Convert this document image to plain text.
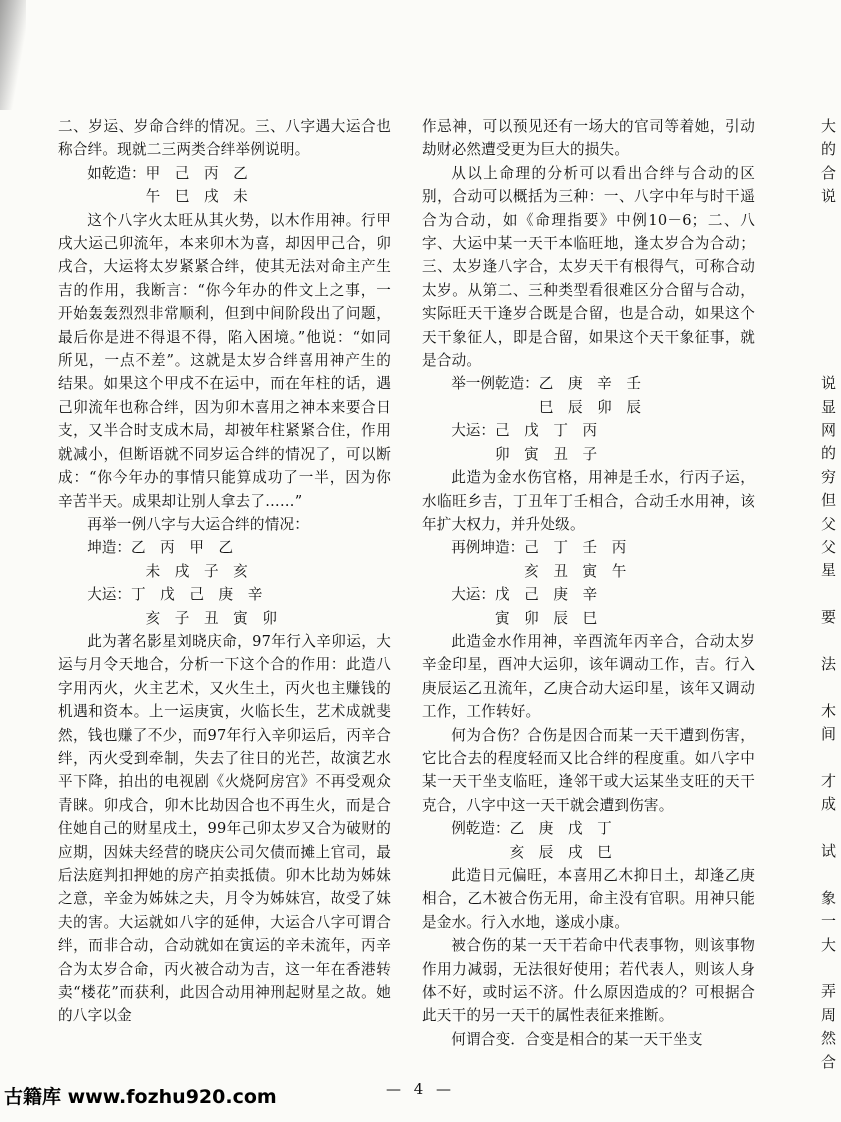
二、岁运、岁命合绊的情况。三、八字遇大运合也称合绊。现就二三两类合绊举例说明。

　　如乾造：甲　己　丙　乙
　　　　　　午　巳　戌　未

这个八字火太旺从其火势，以木作用神。行甲戌大运己卯流年，本来卯木为喜，却因甲己合，卯戌合，大运将太岁紧紧合绊，使其无法对命主产生吉的作用，我断言：“你今年办的件文上之事，一开始轰轰烈烈非常顺利，但到中间阶段出了问题，最后你是进不得退不得，陷入困境。”他说：“如同所见，一点不差”。这就是太岁合绊喜用神产生的结果。如果这个甲戌不在运中，而在年柱的话，遇己卯流年也称合绊，因为卯木喜用之神本来要合日支，又半合时支成木局，却被年柱紧紧合住，作用就减小，但断语就不同岁运合绊的情况了，可以断成：“你今年办的事情只能算成功了一半，因为你辛苦半天。成果却让别人拿去了……”

再举一例八字与大运合绊的情况：

　　坤造：乙　丙　甲　乙
　　　　　　未　戌　子　亥
　　大运：丁　戊　己　庚　辛
　　　　　　亥　子　丑　寅　卯

此为著名影星刘晓庆命，97年行入辛卯运，大运与月令天地合，分析一下这个合的作用：此造八字用丙火，火主艺术，又火生土，丙火也主赚钱的机遇和资本。上一运庚寅，火临长生，艺术成就斐然，钱也赚了不少，而97年行入辛卯运后，丙辛合绊，丙火受到牵制，失去了往日的光芒，故演艺水平下降，拍出的电视剧《火烧阿房宫》不再受观众青睐。卯戌合，卯木比劫因合也不再生火，而是合住她自己的财星戌土，99年己卯太岁又合为破财的应期，因妹夫经营的晓庆公司欠债而摊上官司，最后法庭判扣押她的房产拍卖抵债。卯木比劫为姊妹之意，辛金为姊妹之夫，月令为姊妹宫，故受了妹夫的害。大运就如八字的延伸，大运合八字可谓合绊，而非合动，合动就如在寅运的辛未流年，丙辛合为太岁合命，丙火被合动为吉，这一年在香港转卖“楼花”而获利，此因合动用神刑起财星之故。她的八字以金

作忌神，可以预见还有一场大的官司等着她，引动劫财必然遭受更为巨大的损失。

从以上命理的分析可以看出合绊与合动的区别，合动可以概括为三种：一、八字中年与时干遥合为合动，如《命理指要》中例10－6；二、八字、大运中某一天干本临旺地，逢太岁合为合动；三、太岁逢八字合，太岁天干有根得气，可称合动太岁。从第二、三种类型看很难区分合留与合动，实际旺天干逢岁合既是合留，也是合动，如果这个天干象征人，即是合留，如果这个天干象征事，就是合动。

　　举一例乾造：乙　庚　辛　壬
　　　　　　　　巳　辰　卯　辰
　　大运：己　戊　丁　丙
　　　　　卯　寅　丑　子

此造为金水伤官格，用神是壬水，行丙子运，水临旺乡吉，丁丑年丁壬相合，合动壬水用神，该年扩大权力，并升处级。

　　再例坤造：己　丁　壬　丙
　　　　　　　亥　丑　寅　午
　　大运：戊　己　庚　辛
　　　　　寅　卯　辰　巳

此造金水作用神，辛酉流年丙辛合，合动太岁辛金印星，酉冲大运卯，该年调动工作，吉。行入庚辰运乙丑流年，乙庚合动大运印星，该年又调动工作，工作转好。

何为合伤？合伤是因合而某一天干遭到伤害，它比合去的程度轻而又比合绊的程度重。如八字中某一天干坐支临旺，逢邻干或大运某坐支旺的天干克合，八字中这一天干就会遭到伤害。

　　例乾造：乙　庚　戊　丁
　　　　　　亥　辰　戌　巳

此造日元偏旺，本喜用乙木抑日土，却逢乙庚相合，乙木被合伤无用，命主没有官职。用神只能是金水。行入水地，遂成小康。

被合伤的某一天干若命中代表事物，则该事物作用力减弱，无法很好使用；若代表人，则该人身体不好，或时运不济。什么原因造成的？可根据合此天干的另一天干的属性表征来推断。

何谓合变．合变是相合的某一天干坐支

大
的
合
说
说
显
网
的
穷
但
父
父
星
要
法
木
间
才
成
试
象
一
大
弄
周
然
合
— 4 —
古籍库 www.fozhu920.com
